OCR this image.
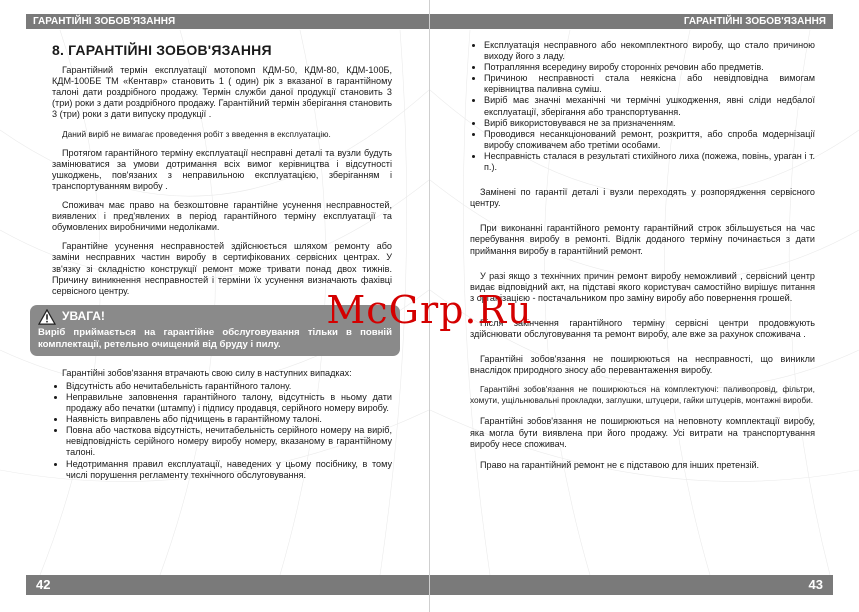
ГАРАНТІЙНІ ЗОБОВ'ЯЗАННЯ
8. ГАРАНТІЙНІ ЗОБОВ'ЯЗАННЯ

Гарантійний термін експлуатації мотопомп КДМ-50, КДМ-80, КДМ-100Б, КДМ-100БЕ ТМ «Кентавр» становить 1 ( один) рік з вказаної в гарантійному талоні дати роздрібного продажу. Термін служби даної продукції становить 3 (три) роки з дати роздрібного продажу. Гарантійний термін зберігання становить 3 (три) роки з дати випуску продукції .

Даний виріб не вимагає проведення робіт з введення в експлуатацію.

Протягом гарантійного терміну експлуатації несправні деталі та вузли будуть замінюватися за умови дотримання всіх вимог керівництва і відсутності ушкоджень, пов'язаних з неправильною експлуатацією, зберіганням і транспортуванням виробу .

Споживач має право на безкоштовне гарантійне усунення несправностей, виявлених і пред'явлених в період гарантійного терміну експлуатації та обумовлених виробничими недоліками.

Гарантійне усунення несправностей здійснюється шляхом ремонту або заміни несправних частин виробу в сертифікованих сервісних центрах. У зв'язку зі складністю конструкції ремонт може тривати понад двох тижнів. Причину виникнення несправностей і терміни їх усунення визначають фахівці сервісного центру.

УВАГА!
Виріб приймається на гарантійне обслуговування тільки в повній комплектації, ретельно очищений від бруду і пилу.

Гарантійні зобов'язання втрачають свою силу в наступних випадках:

• Відсутність або нечитабельність гарантійного талону.
• Неправильне заповнення гарантійного талону, відсутність в ньому дати продажу або печатки (штампу) і підпису продавця, серійного номеру виробу.
• Наявність виправлень або підчищень в гарантійному талоні.
• Повна або часткова відсутність, нечитабельність серійного номеру на виріб, невідповідність серійного номеру виробу номеру, вказаному в гарантійному талоні.
• Недотримання правил експлуатації, наведених у цьому посібнику, в тому числі порушення регламенту технічного обслуговування.
42
ГАРАНТІЙНІ ЗОБОВ'ЯЗАННЯ
• Експлуатація несправного або некомплектного виробу, що стало причиною виходу його з ладу.
• Потрапляння всередину виробу сторонніх речовин або предметів.
• Причиною несправності стала неякісна або невідповідна вимогам керівництва паливна суміш.
• Виріб має значні механічні чи термічні ушкодження, явні сліди недбалої експлуатації, зберігання або транспортування.
• Виріб використовувався не за призначенням.
• Проводився несанкціонований ремонт, розкриття, або спроба модернізації виробу споживачем або третіми особами.
• Несправність сталася в результаті стихійного лиха (пожежа, повінь, ураган і т. п.).

Замінені по гарантії деталі і вузли переходять у розпорядження сервісного центру.

При виконанні гарантійного ремонту гарантійний строк збільшується на час перебування виробу в ремонті. Відлік доданого терміну починається з дати приймання виробу в гарантійний ремонт.

У разі якщо з технічних причин ремонт виробу неможливий , сервісний центр видає відповідний акт, на підставі якого користувач самостійно вирішує питання з організацією - постачальником про заміну виробу або повернення грошей.

Після закінчення гарантійного терміну сервісні центри продовжують здійснювати обслуговування та ремонт виробу, але вже за рахунок споживача .

Гарантійні зобов'язання не поширюються на несправності, що виникли внаслідок природного зносу або перевантаження виробу.

Гарантійні зобов'язання не поширюються на комплектуючі: паливопровід, фільтри, хомути, ущільнювальні прокладки, заглушки, штуцери, гайки штуцерів, монтажні вироби.

Гарантійні зобов'язання не поширюються на неповноту комплектації виробу, яка могла бути виявлена при його продажу. Усі витрати на транспортування виробу несе споживач.

Право на гарантійний ремонт не є підставою для інших претензій.

43
McGrp.Ru
